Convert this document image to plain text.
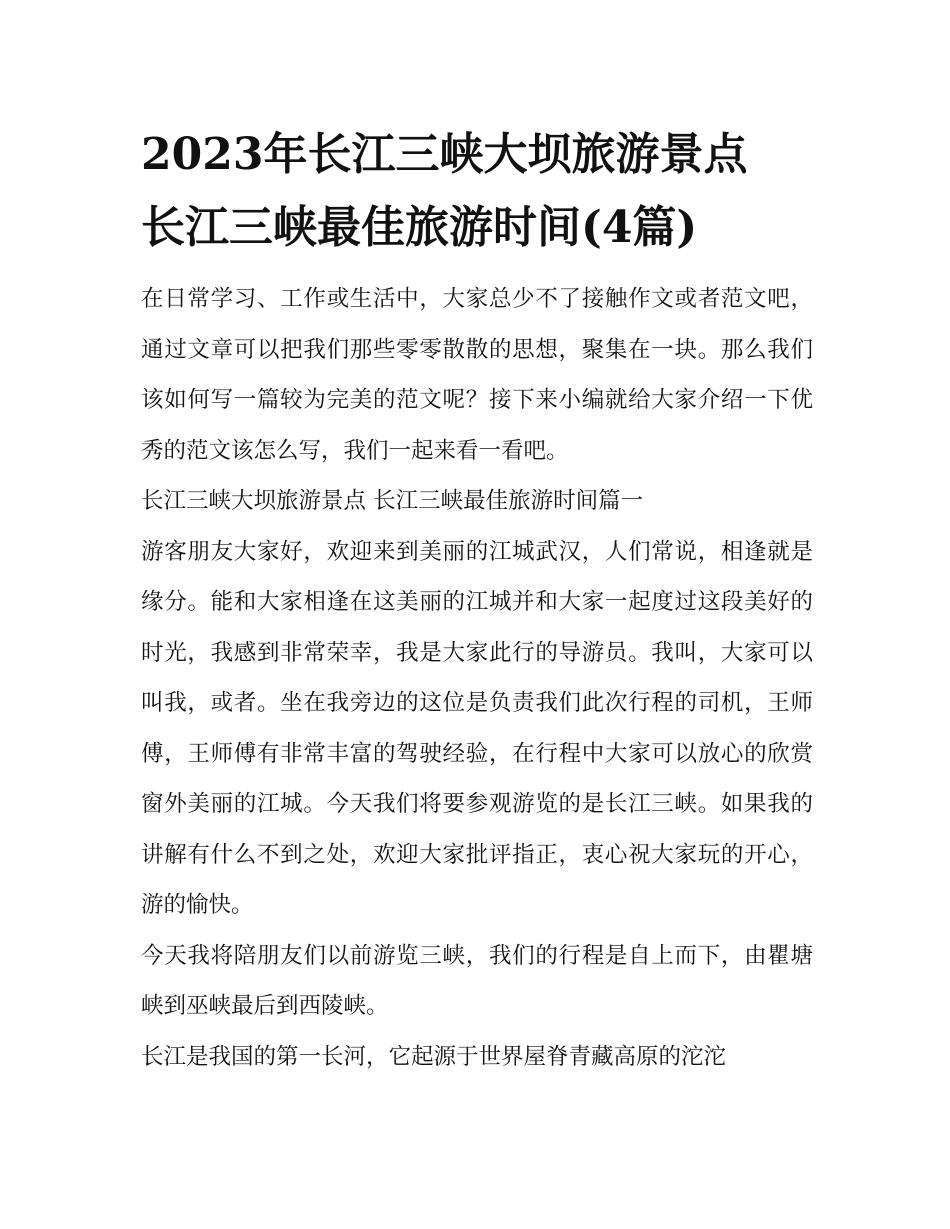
2023年长江三峡大坝旅游景点
长江三峡最佳旅游时间(4篇)

在日常学习、工作或生活中，大家总少不了接触作文或者范文吧，通过文章可以把我们那些零零散散的思想，聚集在一块。那么我们该如何写一篇较为完美的范文呢？接下来小编就给大家介绍一下优秀的范文该怎么写，我们一起来看一看吧。

长江三峡大坝旅游景点 长江三峡最佳旅游时间篇一

游客朋友大家好，欢迎来到美丽的江城武汉，人们常说，相逢就是缘分。能和大家相逢在这美丽的江城并和大家一起度过这段美好的时光，我感到非常荣幸，我是大家此行的导游员。我叫，大家可以叫我，或者。坐在我旁边的这位是负责我们此次行程的司机，王师傅，王师傅有非常丰富的驾驶经验，在行程中大家可以放心的欣赏窗外美丽的江城。今天我们将要参观游览的是长江三峡。如果我的讲解有什么不到之处，欢迎大家批评指正，衷心祝大家玩的开心，游的愉快。

今天我将陪朋友们以前游览三峡，我们的行程是自上而下，由瞿塘峡到巫峡最后到西陵峡。

长江是我国的第一长河，它起源于世界屋脊青藏高原的沱沱
